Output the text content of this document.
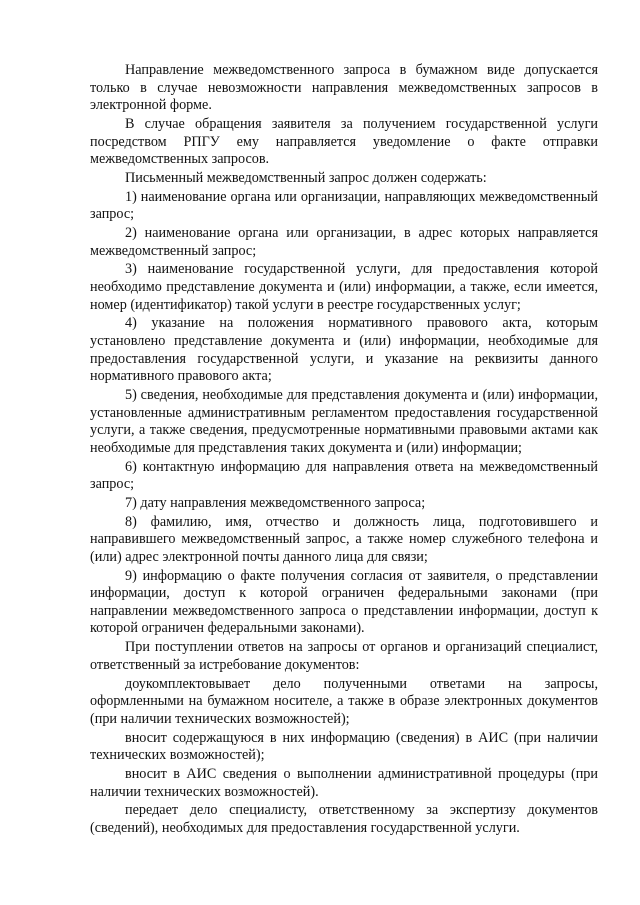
Направление межведомственного запроса в бумажном виде допускается только в случае невозможности направления межведомственных запросов в электронной форме.

В случае обращения заявителя за получением государственной услуги посредством РПГУ ему направляется уведомление о факте отправки межведомственных запросов.

Письменный межведомственный запрос должен содержать:

1) наименование органа или организации, направляющих межведомственный запрос;

2) наименование органа или организации, в адрес которых направляется межведомственный запрос;

3) наименование государственной услуги, для предоставления которой необходимо представление документа и (или) информации, а также, если имеется, номер (идентификатор) такой услуги в реестре государственных услуг;

4) указание на положения нормативного правового акта, которым установлено представление документа и (или) информации, необходимые для предоставления государственной услуги, и указание на реквизиты данного нормативного правового акта;

5) сведения, необходимые для представления документа и (или) информации, установленные административным регламентом предоставления государственной услуги, а также сведения, предусмотренные нормативными правовыми актами как необходимые для представления таких документа и (или) информации;

6) контактную информацию для направления ответа на межведомственный запрос;

7) дату направления межведомственного запроса;

8) фамилию, имя, отчество и должность лица, подготовившего и направившего межведомственный запрос, а также номер служебного телефона и (или) адрес электронной почты данного лица для связи;

9) информацию о факте получения согласия от заявителя, о представлении информации, доступ к которой ограничен федеральными законами (при направлении межведомственного запроса о представлении информации, доступ к которой ограничен федеральными законами).

При поступлении ответов на запросы от органов и организаций специалист, ответственный за истребование документов:

доукомплектовывает дело полученными ответами на запросы, оформленными на бумажном носителе, а также в образе электронных документов (при наличии технических возможностей);

вносит содержащуюся в них информацию (сведения) в АИС (при наличии технических возможностей);

вносит в АИС сведения о выполнении административной процедуры (при наличии технических возможностей).

передает дело специалисту, ответственному за экспертизу документов (сведений), необходимых для предоставления государственной услуги.
